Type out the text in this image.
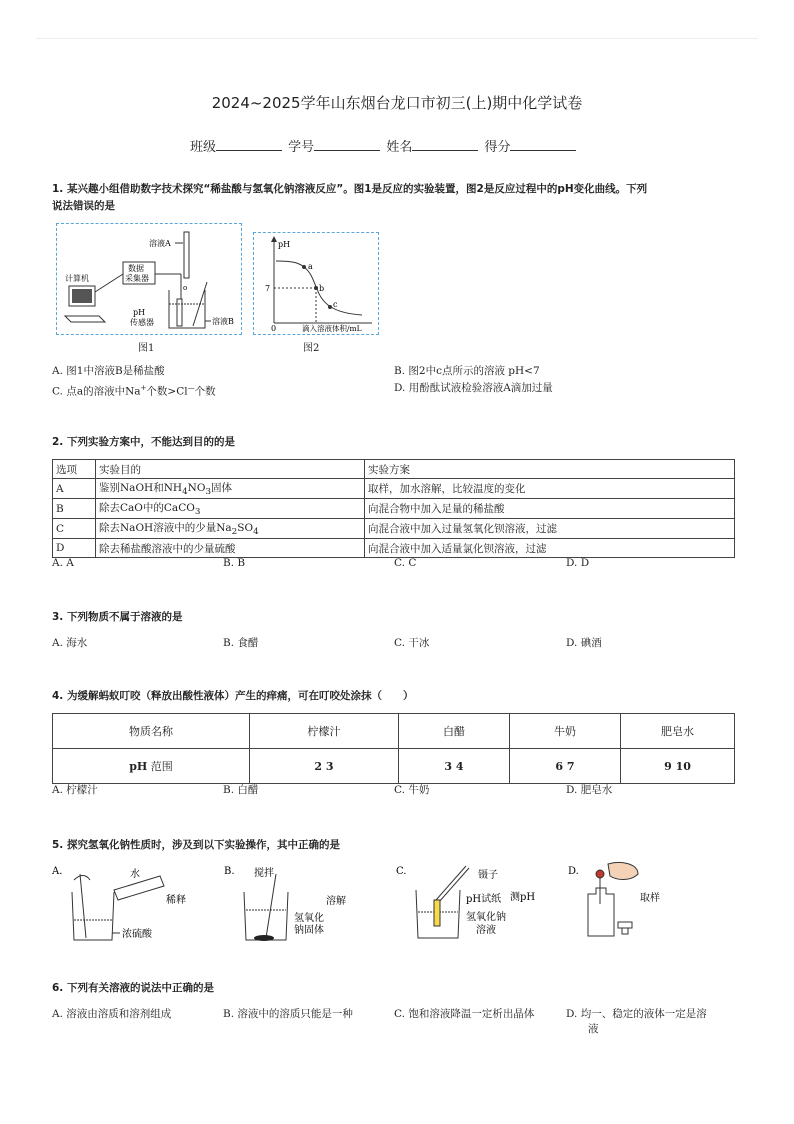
2024~2025学年山东烟台龙口市初三(上)期中化学试卷
班级	学号	姓名	得分
1. 某兴趣小组借助数字技术探究“稀盐酸与氢氧化钠溶液反应”。图1是反应的实验装置，图2是反应过程中的pH变化曲线。下列
说法错误的是
计算机
数据
采集器
溶液A
o
pH
传感器	溶液B
图1
pH
7
a
b
c
0	滴入溶液体积/mL
图2
A. 图1中溶液B是稀盐酸	B. 图2中c点所示的溶液 pH<7
C. 点a的溶液中Na+个数>Cl—个数	D. 用酚酞试液检验溶液A滴加过量
2. 下列实验方案中，不能达到目的的是
选项	实验目的	实验方案
A	鉴别NaOH和$NH_4NO_3$固体	取样，加水溶解，比较温度的变化
B	除去CaO中的CaCO$_3$	向混合物中加入足量的稀盐酸
C	除去NaOH溶液中的少量$Na_2SO_4$	向混合液中加入过量氢氧化钡溶液，过滤
D	除去稀盐酸溶液中的少量硫酸	向混合液中加入适量氯化钡溶液，过滤
A. A	B. B	C. C	D. D
3. 下列物质不属于溶液的是
A. 海水	B. 食醋	C. 干冰	D. 碘酒
4. 为缓解蚂蚁叮咬（释放出酸性液体）产生的痒痛，可在叮咬处涂抹（　　）
物质名称	柠檬汁	白醋	牛奶	肥皂水
pH 范围	2 3	3 4	6 7	9 10
A. 柠檬汁	B. 白醋	C. 牛奶	D. 肥皂水
5. 探究氢氧化钠性质时，涉及到以下实验操作，其中正确的是
A.	水
稀释
浓硫酸
B. 搅拌
溶解
氢氧化
钠固体
C.	镊子
pH试纸 测pH
氢氧化钠
溶液
D.
取样
6. 下列有关溶液的说法中正确的是
A. 溶液由溶质和溶剂组成	B. 溶液中的溶质只能是一种	C. 饱和溶液降温一定析出晶体	D. 均一、稳定的液体一定是溶
液
